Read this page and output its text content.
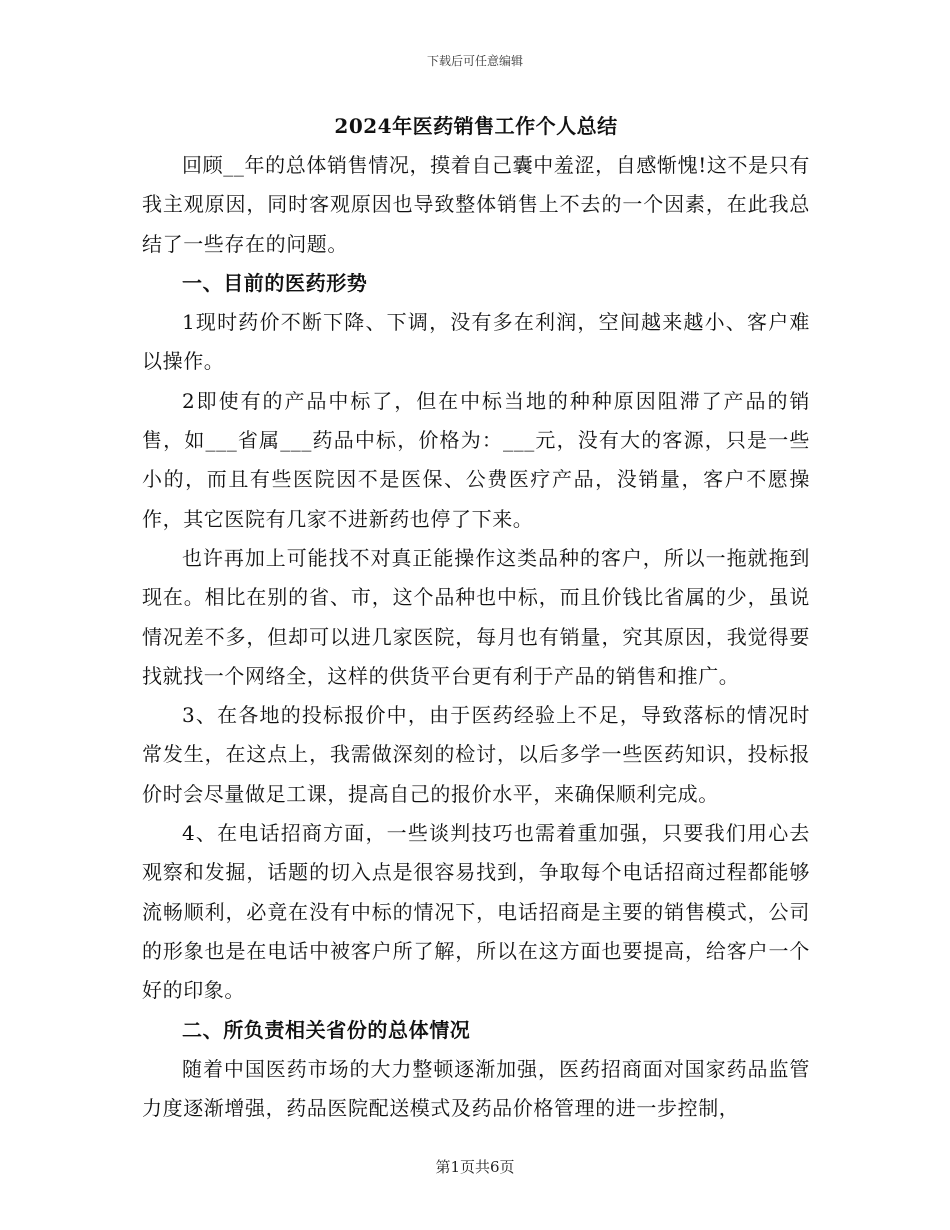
下载后可任意编辑
2024年医药销售工作个人总结

回顾__年的总体销售情况，摸着自己囊中羞涩，自感惭愧!这不是只有我主观原因，同时客观原因也导致整体销售上不去的一个因素，在此我总结了一些存在的问题。

一、目前的医药形势

1现时药价不断下降、下调，没有多在利润，空间越来越小、客户难以操作。

2即使有的产品中标了，但在中标当地的种种原因阻滞了产品的销售，如___省属___药品中标，价格为：___元，没有大的客源，只是一些小的，而且有些医院因不是医保、公费医疗产品，没销量，客户不愿操作，其它医院有几家不进新药也停了下来。

也许再加上可能找不对真正能操作这类品种的客户，所以一拖就拖到现在。相比在别的省、市，这个品种也中标，而且价钱比省属的少，虽说情况差不多，但却可以进几家医院，每月也有销量，究其原因，我觉得要找就找一个网络全，这样的供货平台更有利于产品的销售和推广。

3、在各地的投标报价中，由于医药经验上不足，导致落标的情况时常发生，在这点上，我需做深刻的检讨，以后多学一些医药知识，投标报价时会尽量做足工课，提高自己的报价水平，来确保顺利完成。

4、在电话招商方面，一些谈判技巧也需着重加强，只要我们用心去观察和发掘，话题的切入点是很容易找到，争取每个电话招商过程都能够流畅顺利，必竟在没有中标的情况下，电话招商是主要的销售模式，公司的形象也是在电话中被客户所了解，所以在这方面也要提高，给客户一个好的印象。

二、所负责相关省份的总体情况

随着中国医药市场的大力整顿逐渐加强，医药招商面对国家药品监管力度逐渐增强，药品医院配送模式及药品价格管理的进一步控制，

第1页共6页
